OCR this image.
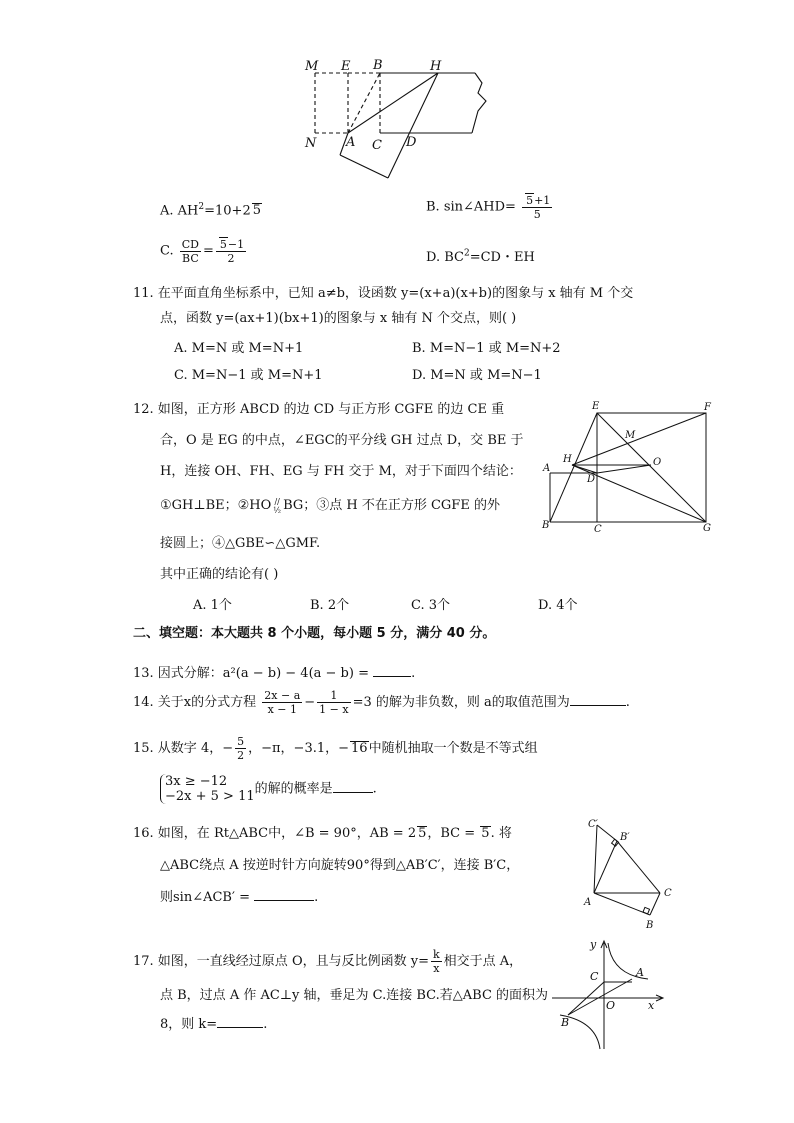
M E B	H
N A C D
A. $AH^2=10+2$ 5	B. sin∠AHD= $\frac{5+1}{5}$
C. $\frac{CD}{BC} = \frac{5-1}{2}$	D. $BC^2=CD$・EH
11. 在平面直角坐标系中，已知 a≠b，设函数 y=(x+a)(x+b)的图象与 x 轴有 M 个交
点，函数 y=(ax+1)(bx+1)的图象与 x 轴有 N 个交点，则( )
A. M=N 或 M=N+1	B. M=N−1 或 M=N+2
C. M=N−1 或 M=N+1	D. M=N 或 M=N−1
12. 如图，正方形 ABCD 的边 CD 与正方形 CGFE 的边 CE 重
合，O 是 EG 的中点，∠EGC的平分线 GH 过点 D，交 BE 于
H，连接 OH、FH、EG 与 FH 交于 M，对于下面四个结论：
①GH⊥BE；②HO //
½ BG；③点 H 不在正方形 CGFE 的外
接圆上；④△GBE∽△GMF.
其中正确的结论有( )
A. 1个	B. 2个	C. 3个	D. 4个
E	F
M
H	O
A
D
B	C	G
二、填空题：本大题共 8 个小题，每小题 5 分，满分 40 分。
13. 因式分解：a²(a − b) − 4(a − b) =	.
14. 关于x的分式方程 $\frac{2x - a}{x - 1} - \frac{1}{1 - x} =3$ 的解为非负数，则 a的取值范围为	.
15. 从数字 4，− $\frac{5}{2}$ ，−π，−3.1，− 16中随机抽取一个数是不等式组
3x ≥ −12
−2x + 5 > 11 的解的概率是	.
16. 如图，在 Rt△ABC中，∠B = 90°，AB = 2 5，BC = 5. 将
△ABC绕点 A 按逆时针方向旋转90°得到△AB′C′，连接 B′C，
则sin∠ACB′ =	.
C′
B′
A
C
B
17. 如图，一直线经过原点 O，且与反比例函数 $y= \frac{k}{x}$ 相交于点 A，
点 B，过点 A 作 AC⊥y 轴，垂足为 C.连接 BC.若△ABC 的面积为
8，则 k=	.
y
C	A
O	x
B
